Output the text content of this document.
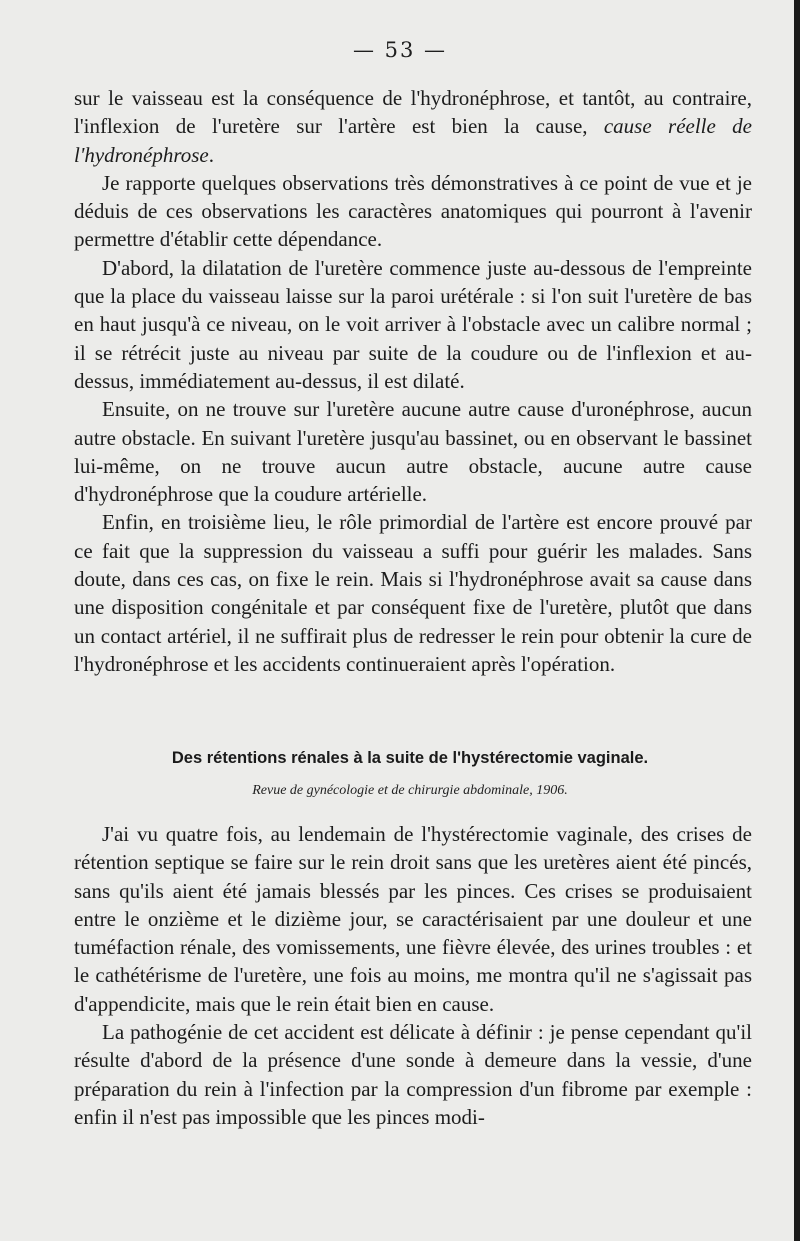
— 53 —

sur le vaisseau est la conséquence de l'hydronéphrose, et tantôt, au contraire, l'inflexion de l'uretère sur l'artère est bien la cause, cause réelle de l'hydronéphrose.

Je rapporte quelques observations très démonstratives à ce point de vue et je déduis de ces observations les caractères anatomiques qui pourront à l'avenir permettre d'établir cette dépendance.

D'abord, la dilatation de l'uretère commence juste au-dessous de l'empreinte que la place du vaisseau laisse sur la paroi urétérale : si l'on suit l'uretère de bas en haut jusqu'à ce niveau, on le voit arriver à l'obstacle avec un calibre normal ; il se rétrécit juste au niveau par suite de la coudure ou de l'inflexion et au-dessus, immédiatement au-dessus, il est dilaté.

Ensuite, on ne trouve sur l'uretère aucune autre cause d'uronéphrose, aucun autre obstacle. En suivant l'uretère jusqu'au bassinet, ou en observant le bassinet lui-même, on ne trouve aucun autre obstacle, aucune autre cause d'hydronéphrose que la coudure artérielle.

Enfin, en troisième lieu, le rôle primordial de l'artère est encore prouvé par ce fait que la suppression du vaisseau a suffi pour guérir les malades. Sans doute, dans ces cas, on fixe le rein. Mais si l'hydronéphrose avait sa cause dans une disposition congénitale et par conséquent fixe de l'uretère, plutôt que dans un contact artériel, il ne suffirait plus de redresser le rein pour obtenir la cure de l'hydronéphrose et les accidents continueraient après l'opération.

Des rétentions rénales à la suite de l'hystérectomie vaginale.
Revue de gynécologie et de chirurgie abdominale, 1906.

J'ai vu quatre fois, au lendemain de l'hystérectomie vaginale, des crises de rétention septique se faire sur le rein droit sans que les uretères aient été pincés, sans qu'ils aient été jamais blessés par les pinces. Ces crises se produisaient entre le onzième et le dizième jour, se caractérisaient par une douleur et une tuméfaction rénale, des vomissements, une fièvre élevée, des urines troubles : et le cathétérisme de l'uretère, une fois au moins, me montra qu'il ne s'agissait pas d'appendicite, mais que le rein était bien en cause.

La pathogénie de cet accident est délicate à définir : je pense cependant qu'il résulte d'abord de la présence d'une sonde à demeure dans la vessie, d'une préparation du rein à l'infection par la compression d'un fibrome par exemple : enfin il n'est pas impossible que les pinces modi-
